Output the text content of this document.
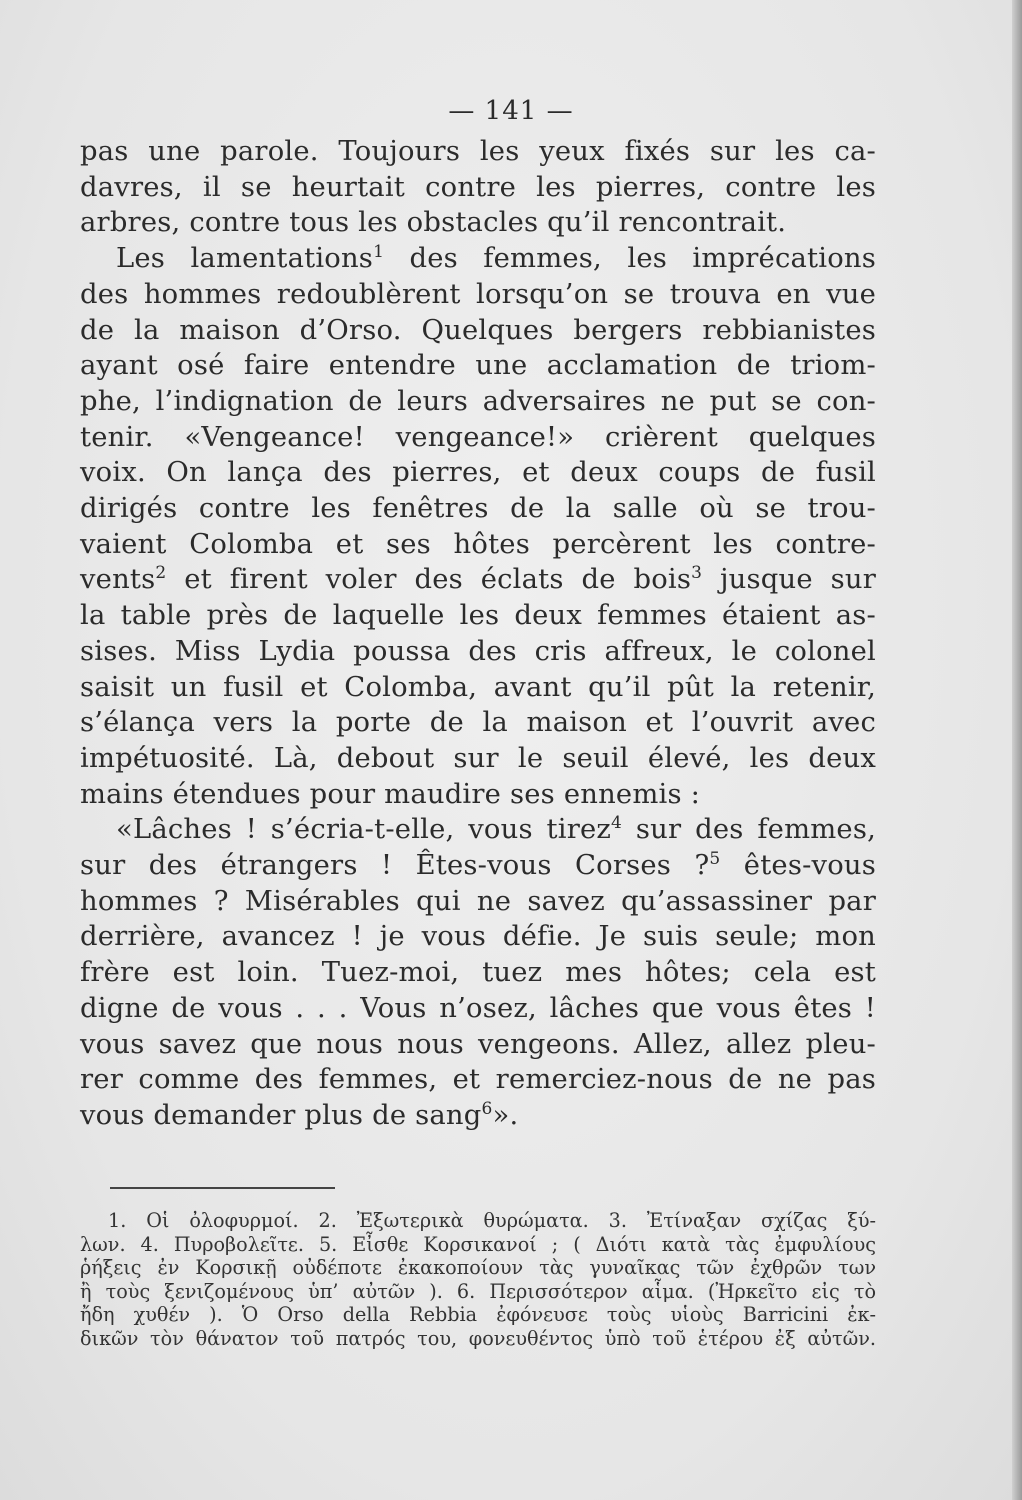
— 141 —
pas une parole. Toujours les yeux fixés sur les ca-
davres, il se heurtait contre les pierres, contre les
arbres, contre tous les obstacles qu’il rencontrait.
Les lamentations$^1$ des femmes, les imprécations
des hommes redoublèrent lorsqu’on se trouva en vue
de la maison d’Orso. Quelques bergers rebbianistes
ayant osé faire entendre une acclamation de triom-
phe, l’indignation de leurs adversaires ne put se con-
tenir. «Vengeance! vengeance!» crièrent quelques
voix. On lança des pierres, et deux coups de fusil
dirigés contre les fenêtres de la salle où se trou-
vaient Colomba et ses hôtes percèrent les contre-
vents$^2$ et firent voler des éclats de bois$^3$ jusque sur
la table près de laquelle les deux femmes étaient as-
sises. Miss Lydia poussa des cris affreux, le colonel
saisit un fusil et Colomba, avant qu’il pût la retenir,
s’élança vers la porte de la maison et l’ouvrit avec
impétuosité. Là, debout sur le seuil élevé, les deux
mains étendues pour maudire ses ennemis :
«Lâches ! s’écria-t-elle, vous tirez$^4$ sur des femmes,
sur des étrangers ! Êtes-vous Corses ?$^5$ êtes-vous
hommes ? Misérables qui ne savez qu’assassiner par
derrière, avancez ! je vous défie. Je suis seule; mon
frère est loin. Tuez-moi, tuez mes hôtes; cela est
digne de vous . . . Vous n’osez, lâches que vous êtes !
vous savez que nous nous vengeons. Allez, allez pleu-
rer comme des femmes, et remerciez-nous de ne pas
vous demander plus de sang$^6$».
1. Οἱ ὀλοφυρμοί. 2. Ἐξωτερικὰ θυρώματα. 3. Ἐτίναξαν σχίζας ξύ-
λων. 4. Πυροβολεῖτε. 5. Εἶσθε Κορσικανοί ; ( Διότι κατὰ τὰς ἐμφυλίους
ῥήξεις ἐν Κορσικῇ οὐδέποτε ἐκακοποίουν τὰς γυναῖκας τῶν ἐχθρῶν των
ἢ τοὺς ξενιζομένους ὑπ’ αὐτῶν ). 6. Περισσότερον αἷμα. (Ἠρκεῖτο εἰς τὸ
ἤδη χυθέν ). Ὁ Orso della Rebbia ἐφόνευσε τοὺς υἱοὺς Barricini ἐκ-
δικῶν τὸν θάνατον τοῦ πατρός του, φονευθέντος ὑπὸ τοῦ ἑτέρου ἐξ αὐτῶν.
